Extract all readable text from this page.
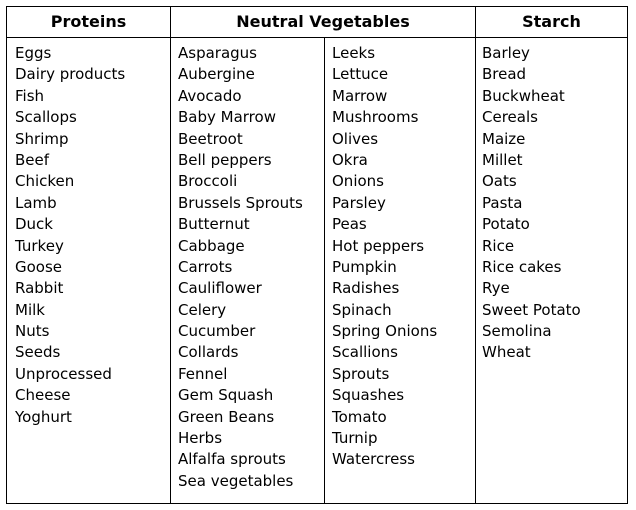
Proteins	Neutral Vegetables	Starch
Eggs
Dairy products
Fish
Scallops
Shrimp
Beef
Chicken
Lamb
Duck
Turkey
Goose
Rabbit
Milk
Nuts
Seeds
Unprocessed
Cheese
Yoghurt
Asparagus
Aubergine
Avocado
Baby Marrow
Beetroot
Bell peppers
Broccoli
Brussels Sprouts
Butternut
Cabbage
Carrots
Cauliflower
Celery
Cucumber
Collards
Fennel
Gem Squash
Green Beans
Herbs
Alfalfa sprouts
Sea vegetables
Leeks
Lettuce
Marrow
Mushrooms
Olives
Okra
Onions
Parsley
Peas
Hot peppers
Pumpkin
Radishes
Spinach
Spring Onions
Scallions
Sprouts
Squashes
Tomato
Turnip
Watercress
Barley
Bread
Buckwheat
Cereals
Maize
Millet
Oats
Pasta
Potato
Rice
Rice cakes
Rye
Sweet Potato
Semolina
Wheat
